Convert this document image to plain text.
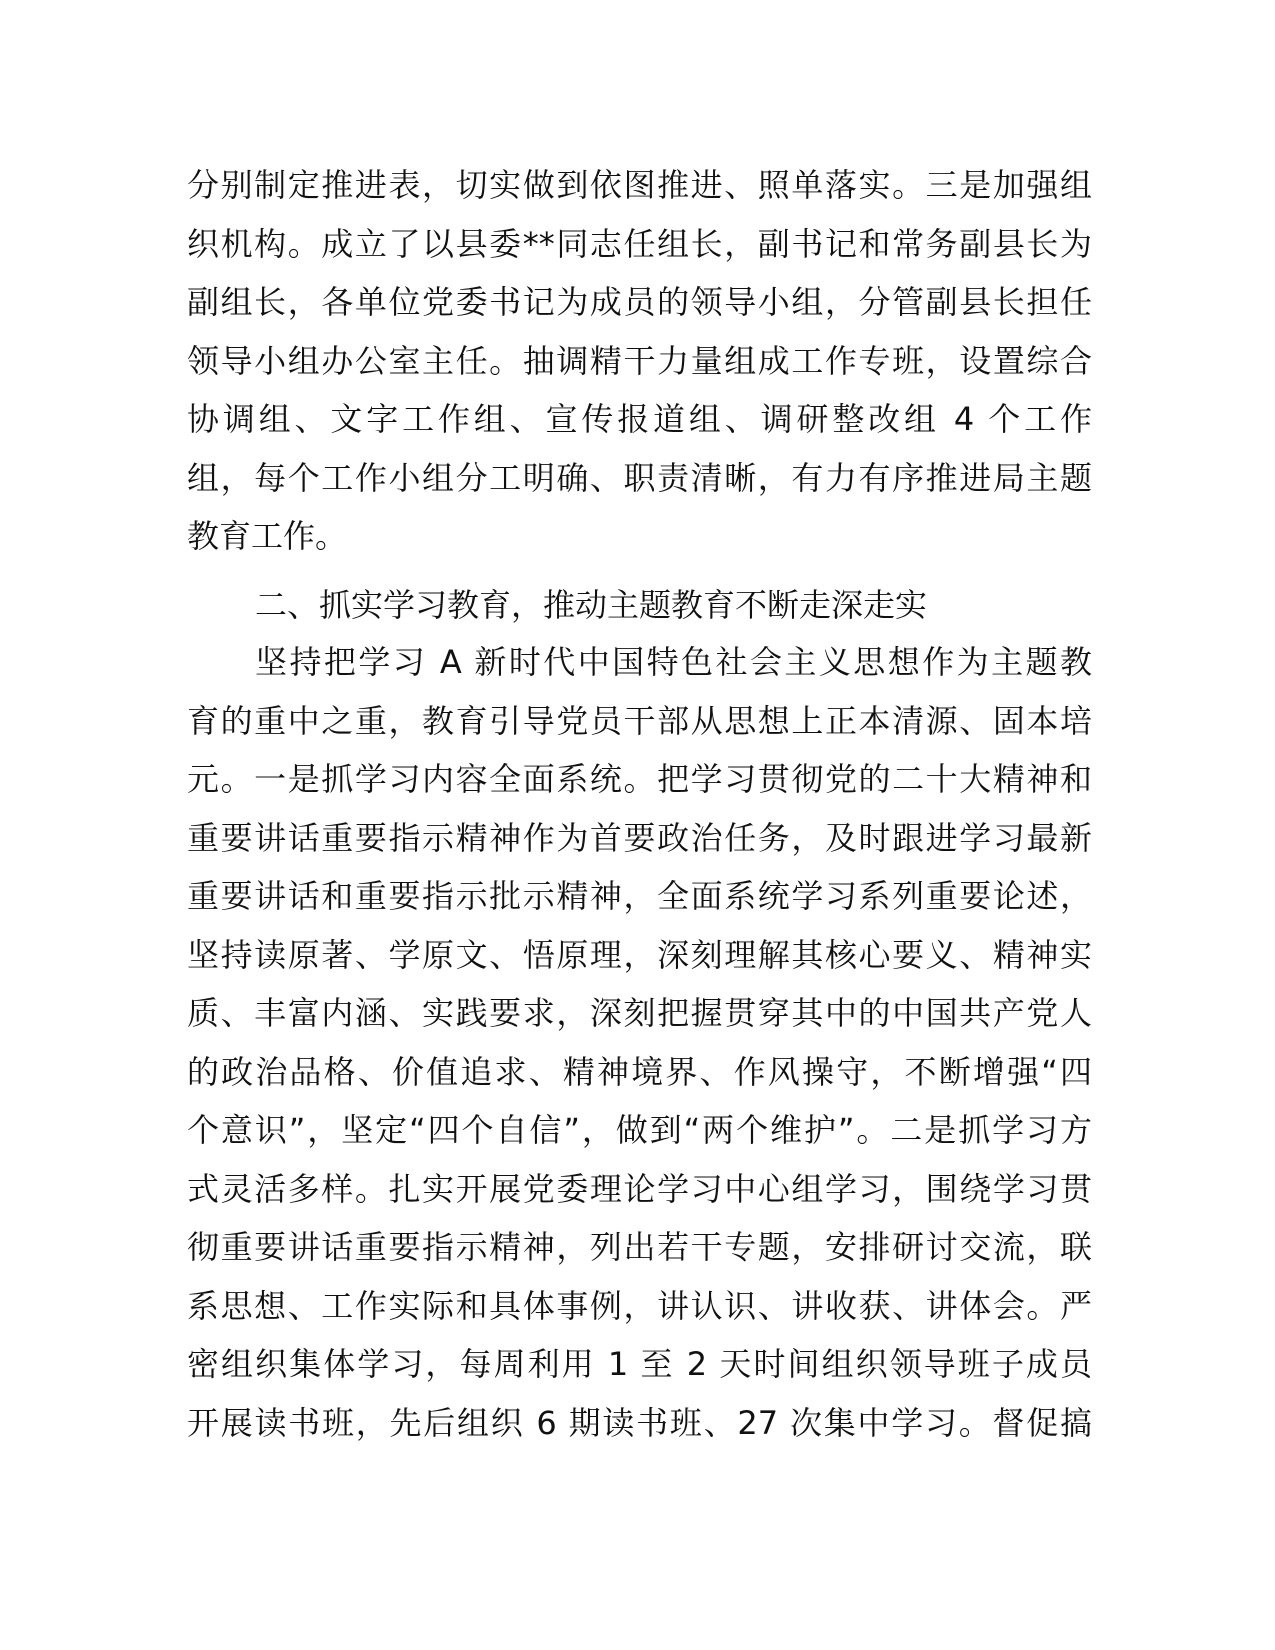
分别制定推进表，切实做到依图推进、照单落实。三是加强组
织机构。成立了以县委**同志任组长，副书记和常务副县长为
副组长，各单位党委书记为成员的领导小组，分管副县长担任
领导小组办公室主任。抽调精干力量组成工作专班，设置综合
协调组、文字工作组、宣传报道组、调研整改组 4 个工作
组，每个工作小组分工明确、职责清晰，有力有序推进局主题
教育工作。
二、抓实学习教育，推动主题教育不断走深走实
坚持把学习 A 新时代中国特色社会主义思想作为主题教
育的重中之重，教育引导党员干部从思想上正本清源、固本培
元。一是抓学习内容全面系统。把学习贯彻党的二十大精神和
重要讲话重要指示精神作为首要政治任务，及时跟进学习最新
重要讲话和重要指示批示精神，全面系统学习系列重要论述，
坚持读原著、学原文、悟原理，深刻理解其核心要义、精神实
质、丰富内涵、实践要求，深刻把握贯穿其中的中国共产党人
的政治品格、价值追求、精神境界、作风操守，不断增强“四
个意识”，坚定“四个自信”，做到“两个维护”。二是抓学习方
式灵活多样。扎实开展党委理论学习中心组学习，围绕学习贯
彻重要讲话重要指示精神，列出若干专题，安排研讨交流，联
系思想、工作实际和具体事例，讲认识、讲收获、讲体会。严
密组织集体学习，每周利用 1 至 2 天时间组织领导班子成员
开展读书班，先后组织 6 期读书班、27 次集中学习。督促搞
